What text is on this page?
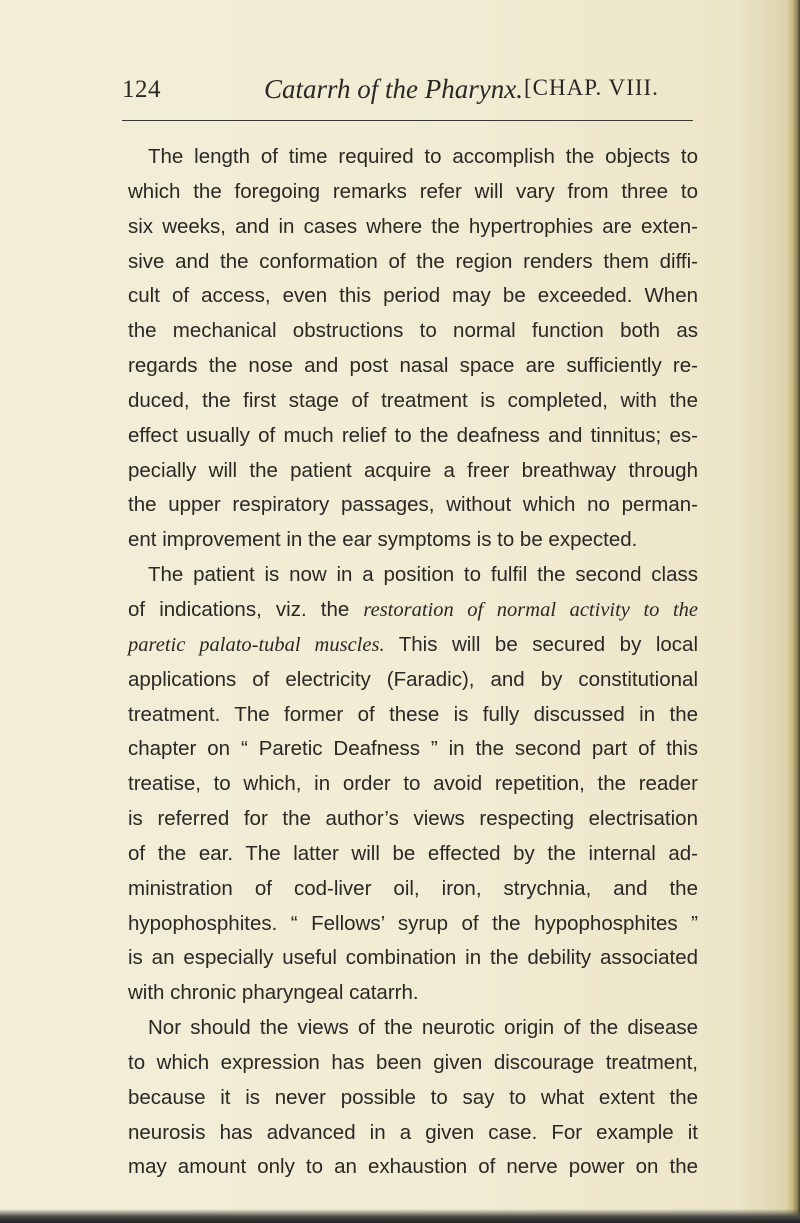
124	Catarrh of the Pharynx. [CHAP. VIII.
The length of time required to accomplish the objects to
which the foregoing remarks refer will vary from three to
six weeks, and in cases where the hypertrophies are exten-
sive and the conformation of the region renders them diffi-
cult of access, even this period may be exceeded. When
the mechanical obstructions to normal function both as
regards the nose and post nasal space are sufficiently re-
duced, the first stage of treatment is completed, with the
effect usually of much relief to the deafness and tinnitus; es-
pecially will the patient acquire a freer breathway through
the upper respiratory passages, without which no perman-
ent improvement in the ear symptoms is to be expected.
The patient is now in a position to fulfil the second class
of indications, viz. the restoration of normal activity to the
paretic palato-tubal muscles. This will be secured by local
applications of electricity (Faradic), and by constitutional
treatment. The former of these is fully discussed in the
chapter on “ Paretic Deafness ” in the second part of this
treatise, to which, in order to avoid repetition, the reader
is referred for the author’s views respecting electrisation
of the ear. The latter will be effected by the internal ad-
ministration of cod-liver oil, iron, strychnia, and the
hypophosphites. “ Fellows’ syrup of the hypophosphites ”
is an especially useful combination in the debility associated
with chronic pharyngeal catarrh.
Nor should the views of the neurotic origin of the disease
to which expression has been given discourage treatment,
because it is never possible to say to what extent the
neurosis has advanced in a given case. For example it
may amount only to an exhaustion of nerve power on the
